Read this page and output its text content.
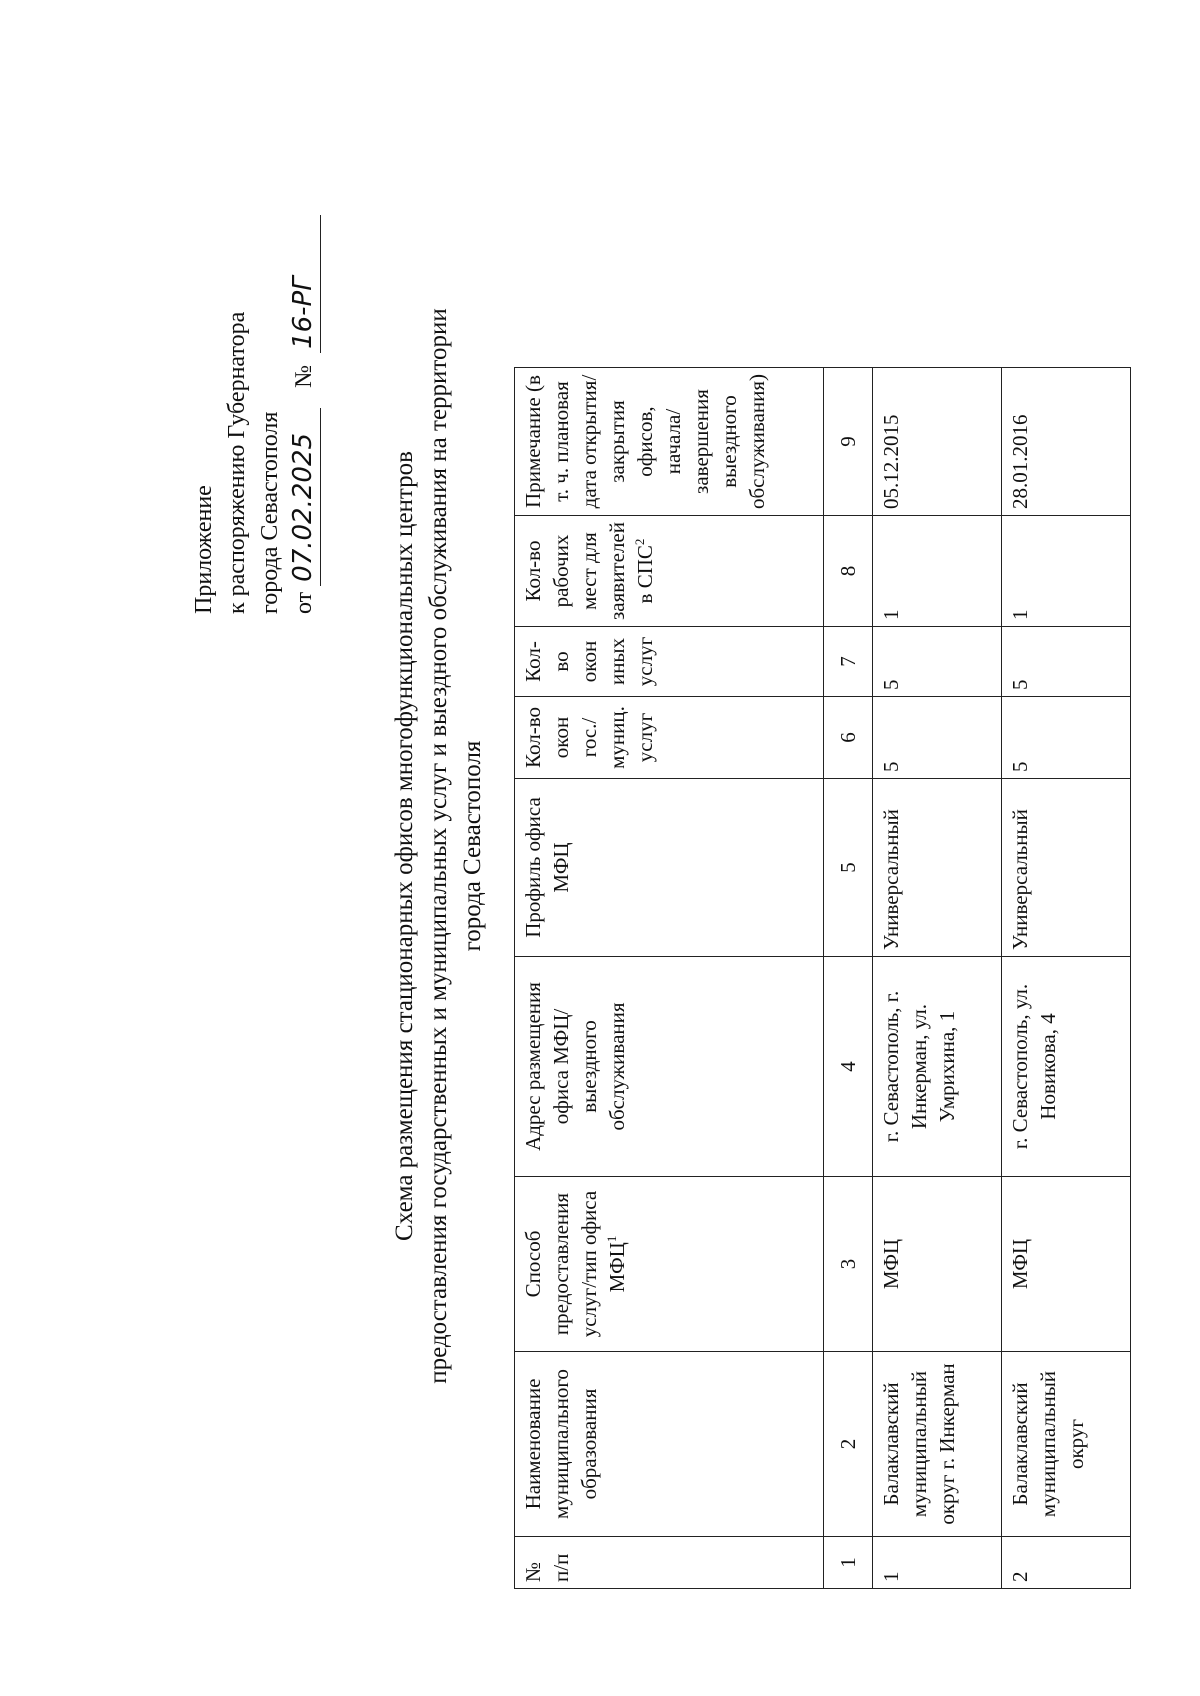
Приложение к распоряжению Губернатора города Севастополя от 07.02.2025 № 16-РГ
Схема размещения стационарных офисов многофункциональных центров предоставления государственных и муниципальных услуг и выездного обслуживания на территории города Севастополя
№ п/п	Наименование муниципального образования	Способ предоставления услуг/тип офиса МФЦ$^1$	Адрес размещения офиса МФЦ/ выездного обслуживания	Профиль офиса МФЦ	Кол-во окон гос./ муниц. услуг	Кол-во окон иных услуг	Кол-во рабочих мест для заявителей в СПС$^2$	Примечание (в т. ч. плановая дата открытия/ закрытия офисов, начала/ завершения выездного обслуживания)
1	2	3	4	5	6	7	8	9
1	Балаклавский муниципальный округ г. Инкерман	МФЦ	г. Севастополь, г. Инкерман, ул. Умрихина, 1	Универсальный	5	5	1	05.12.2015
2	Балаклавский муниципальный округ	МФЦ	г. Севастополь, ул. Новикова, 4	Универсальный	5	5	1	28.01.2016
